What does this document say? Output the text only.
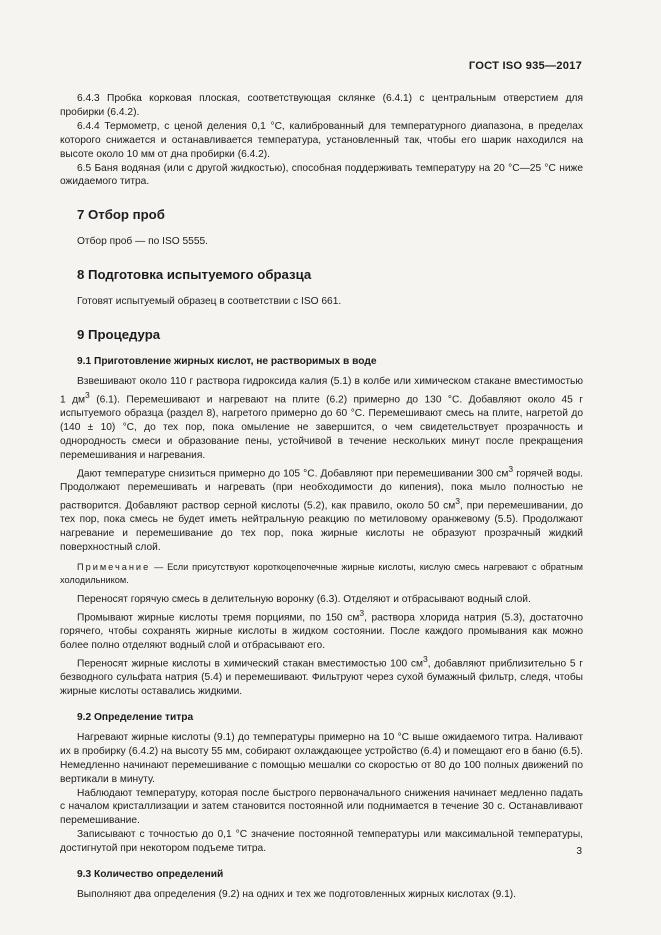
ГОСТ ISO 935—2017

6.4.3 Пробка корковая плоская, соответствующая склянке (6.4.1) с центральным отверстием для пробирки (6.4.2).

6.4.4 Термометр, с ценой деления 0,1 °С, калиброванный для температурного диапазона, в пределах которого снижается и останавливается температура, установленный так, чтобы его шарик находился на высоте около 10 мм от дна пробирки (6.4.2).

6.5 Баня водяная (или с другой жидкостью), способная поддерживать температуру на 20 °С—25 °С ниже ожидаемого титра.

7 Отбор проб

Отбор проб — по ISO 5555.

8 Подготовка испытуемого образца

Готовят испытуемый образец в соответствии с ISO 661.

9 Процедура
9.1 Приготовление жирных кислот, не растворимых в воде

Взвешивают около 110 г раствора гидроксида калия (5.1) в колбе или химическом стакане вместимостью 1 $дм^3$ (6.1). Перемешивают и нагревают на плите (6.2) примерно до 130 °С. Добавляют около 45 г испытуемого образца (раздел 8), нагретого примерно до 60 °С. Перемешивают смесь на плите, нагретой до (140 ± 10) °С, до тех пор, пока омыление не завершится, о чем свидетельствует прозрачность и однородность смеси и образование пены, устойчивой в течение нескольких минут после прекращения перемешивания и нагревания.

Дают температуре снизиться примерно до 105 °С. Добавляют при перемешивании 300 $см^3$ горячей воды. Продолжают перемешивать и нагревать (при необходимости до кипения), пока мыло полностью не растворится. Добавляют раствор серной кислоты (5.2), как правило, около 50 $см^3$, при перемешивании, до тех пор, пока смесь не будет иметь нейтральную реакцию по метиловому оранжевому (5.5). Продолжают нагревание и перемешивание до тех пор, пока жирные кислоты не образуют прозрачный жидкий поверхностный слой.

Примечание — Если присутствуют короткоцепочечные жирные кислоты, кислую смесь нагревают с обратным холодильником.

Переносят горячую смесь в делительную воронку (6.3). Отделяют и отбрасывают водный слой.

Промывают жирные кислоты тремя порциями, по 150 $см^3$, раствора хлорида натрия (5.3), достаточно горячего, чтобы сохранять жирные кислоты в жидком состоянии. После каждого промывания как можно более полно отделяют водный слой и отбрасывают его.

Переносят жирные кислоты в химический стакан вместимостью 100 $см^3$, добавляют приблизительно 5 г безводного сульфата натрия (5.4) и перемешивают. Фильтруют через сухой бумажный фильтр, следя, чтобы жирные кислоты оставались жидкими.

9.2 Определение титра

Нагревают жирные кислоты (9.1) до температуры примерно на 10 °С выше ожидаемого титра. Наливают их в пробирку (6.4.2) на высоту 55 мм, собирают охлаждающее устройство (6.4) и помещают его в баню (6.5). Немедленно начинают перемешивание с помощью мешалки со скоростью от 80 до 100 полных движений по вертикали в минуту.

Наблюдают температуру, которая после быстрого первоначального снижения начинает медленно падать с началом кристаллизации и затем становится постоянной или поднимается в течение 30 с. Останавливают перемешивание.

Записывают с точностью до 0,1 °С значение постоянной температуры или максимальной температуры, достигнутой при некотором подъеме титра.

9.3 Количество определений

Выполняют два определения (9.2) на одних и тех же подготовленных жирных кислотах (9.1).

3
